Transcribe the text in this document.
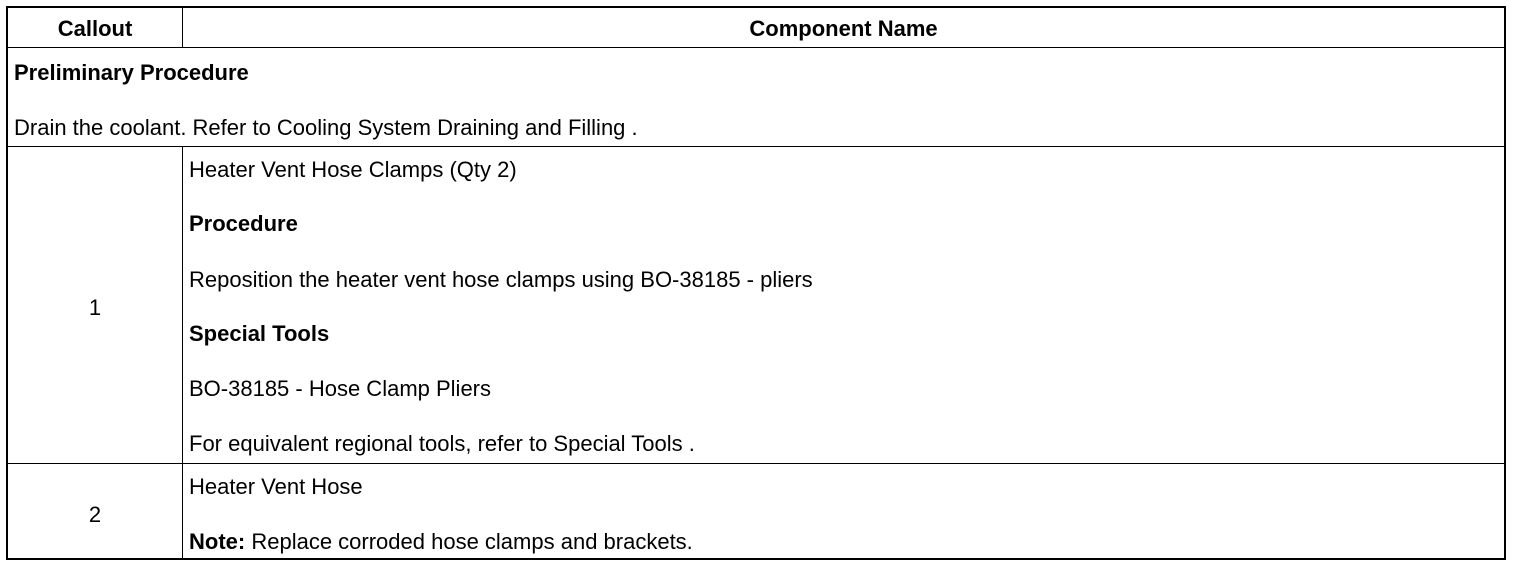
Callout	Component Name
Preliminary Procedure
Drain the coolant. Refer to Cooling System Draining and Filling .
1
Heater Vent Hose Clamps (Qty 2)
Procedure
Reposition the heater vent hose clamps using BO-38185 - pliers
Special Tools
BO-38185 - Hose Clamp Pliers
For equivalent regional tools, refer to Special Tools .
2
Heater Vent Hose
Note: Replace corroded hose clamps and brackets.
